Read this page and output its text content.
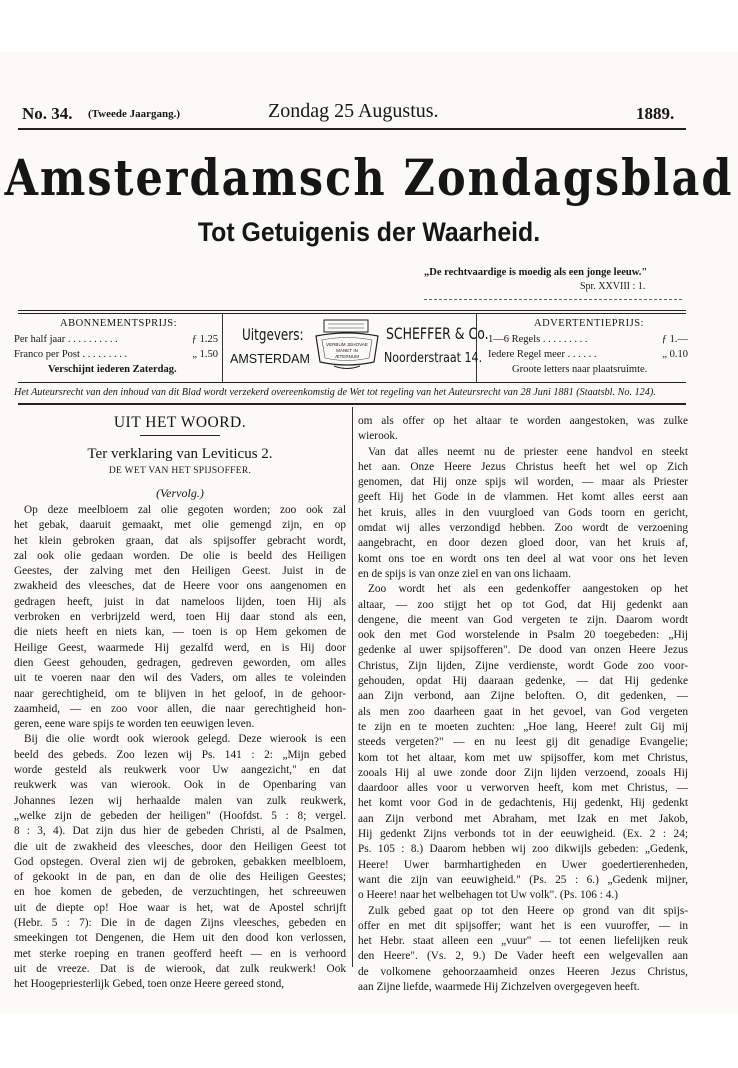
No. 34. (Tweede Jaargang.)	Zondag 25 Augustus.	1889.
Amsterdamsch Zondagsblad
Tot Getuigenis der Waarheid.
„De rechtvaardige is moedig als een jonge leeuw."
Spr. XXVIII : 1.
ABONNEMENTSPRIJS:
Per half jaar . . . . . . . . . .	ƒ 1.25
Franco per Post . . . . . . . . .	„ 1.50
Verschijnt iederen Zaterdag.
Uitgevers:
AMSTERDAM
VERBUM JEHOVAE
MANET IN
ÆTERNUM
SCHEFFER & Co.
Noorderstraat 14.
ADVERTENTIEPRIJS:
1—6 Regels . . . . . . . . .	ƒ 1.—
Iedere Regel meer . . . . . .	„ 0.10
Groote letters naar plaatsruimte.
Het Auteursrecht van den inhoud van dit Blad wordt verzekerd overeenkomstig de Wet tot regeling van het Auteursrecht van 28 Juni 1881 (Staatsbl. No. 124).
UIT HET WOORD.
Ter verklaring van Leviticus 2.
DE WET VAN HET SPIJSOFFER.
(Vervolg.)

Op deze meelbloem zal olie gegoten worden; zoo ook zal

het gebak, daaruit gemaakt, met olie gemengd zijn, en op

het klein gebroken graan, dat als spijsoffer gebracht wordt,

zal ook olie gedaan worden. De olie is beeld des Heiligen

Geestes, der zalving met den Heiligen Geest. Juist in de

zwakheid des vleesches, dat de Heere voor ons aangenomen en

gedragen heeft, juist in dat nameloos lijden, toen Hij als

verbroken en verbrijzeld werd, toen Hij daar stond als een,

die niets heeft en niets kan, — toen is op Hem gekomen de

Heilige Geest, waarmede Hij gezalfd werd, en is Hij door

dien Geest gehouden, gedragen, gedreven geworden, om alles

uit te voeren naar den wil des Vaders, om alles te voleinden

naar gerechtigheid, om te blijven in het geloof, in de gehoor-

zaamheid, — en zoo voor allen, die naar gerechtigheid hon-

geren, eene ware spijs te worden ten eeuwigen leven.

Bij die olie wordt ook wierook gelegd. Deze wierook is een

beeld des gebeds. Zoo lezen wij Ps. 141 : 2: „Mijn gebed

worde gesteld als reukwerk voor Uw aangezicht," en dat

reukwerk was van wierook. Ook in de Openbaring van

Johannes lezen wij herhaalde malen van zulk reukwerk,

„welke zijn de gebeden der heiligen" (Hoofdst. 5 : 8; vergel.

8 : 3, 4). Dat zijn dus hier de gebeden Christi, al de Psalmen,

die uit de zwakheid des vleesches, door den Heiligen Geest tot

God opstegen. Overal zien wij de gebroken, gebakken meelbloem,

of gekookt in de pan, en dan de olie des Heiligen Geestes;

en hoe komen de gebeden, de verzuchtingen, het schreeuwen

uit de diepte op! Hoe waar is het, wat de Apostel schrijft

(Hebr. 5 : 7): Die in de dagen Zijns vleesches, gebeden en

smeekingen tot Dengenen, die Hem uit den dood kon verlossen,

met sterke roeping en tranen geofferd heeft — en is verhoord

uit de vreeze. Dat is de wierook, dat zulk reukwerk! Ook

het Hoogepriesterlijk Gebed, toen onze Heere gereed stond,

om als offer op het altaar te worden aangestoken, was zulke

wierook.

Van dat alles neemt nu de priester eene handvol en steekt

het aan. Onze Heere Jezus Christus heeft het wel op Zich

genomen, dat Hij onze spijs wil worden, — maar als Priester

geeft Hij het Gode in de vlammen. Het komt alles eerst aan

het kruis, alles in den vuurgloed van Gods toorn en gericht,

omdat wij alles verzondigd hebben. Zoo wordt de verzoening

aangebracht, en door dezen gloed door, van het kruis af,

komt ons toe en wordt ons ten deel al wat voor ons het leven

en de spijs is van onze ziel en van ons lichaam.

Zoo wordt het als een gedenkoffer aangestoken op het

altaar, — zoo stijgt het op tot God, dat Hij gedenkt aan

dengene, die meent van God vergeten te zijn. Daarom wordt

ook den met God worstelende in Psalm 20 toegebeden: „Hij

gedenke al uwer spijsofferen". De dood van onzen Heere Jezus

Christus, Zijn lijden, Zijne verdienste, wordt Gode zoo voor-

gehouden, opdat Hij daaraan gedenke, — dat Hij gedenke

aan Zijn verbond, aan Zijne beloften. O, dit gedenken, —

als men zoo daarheen gaat in het gevoel, van God vergeten

te zijn en te moeten zuchten: „Hoe lang, Heere! zult Gij mij

steeds vergeten?" — en nu leest gij dit genadige Evangelie;

kom tot het altaar, kom met uw spijsoffer, kom met Christus,

zooals Hij al uwe zonde door Zijn lijden verzoend, zooals Hij

daardoor alles voor u verworven heeft, kom met Christus, —

het komt voor God in de gedachtenis, Hij gedenkt, Hij gedenkt

aan Zijn verbond met Abraham, met Izak en met Jakob,

Hij gedenkt Zijns verbonds tot in der eeuwigheid. (Ex. 2 : 24;

Ps. 105 : 8.) Daarom hebben wij zoo dikwijls gebeden: „Gedenk,

Heere! Uwer barmhartigheden en Uwer goedertierenheden,

want die zijn van eeuwigheid." (Ps. 25 : 6.) „Gedenk mijner,

o Heere! naar het welbehagen tot Uw volk". (Ps. 106 : 4.)

Zulk gebed gaat op tot den Heere op grond van dit spijs-

offer en met dit spijsoffer; want het is een vuuroffer, — in

het Hebr. staat alleen een „vuur" — tot eenen liefelijken reuk

den Heere". (Vs. 2, 9.) De Vader heeft een welgevallen aan

de volkomene gehoorzaamheid onzes Heeren Jezus Christus,

aan Zijne liefde, waarmede Hij Zichzelven overgegeven heeft.
